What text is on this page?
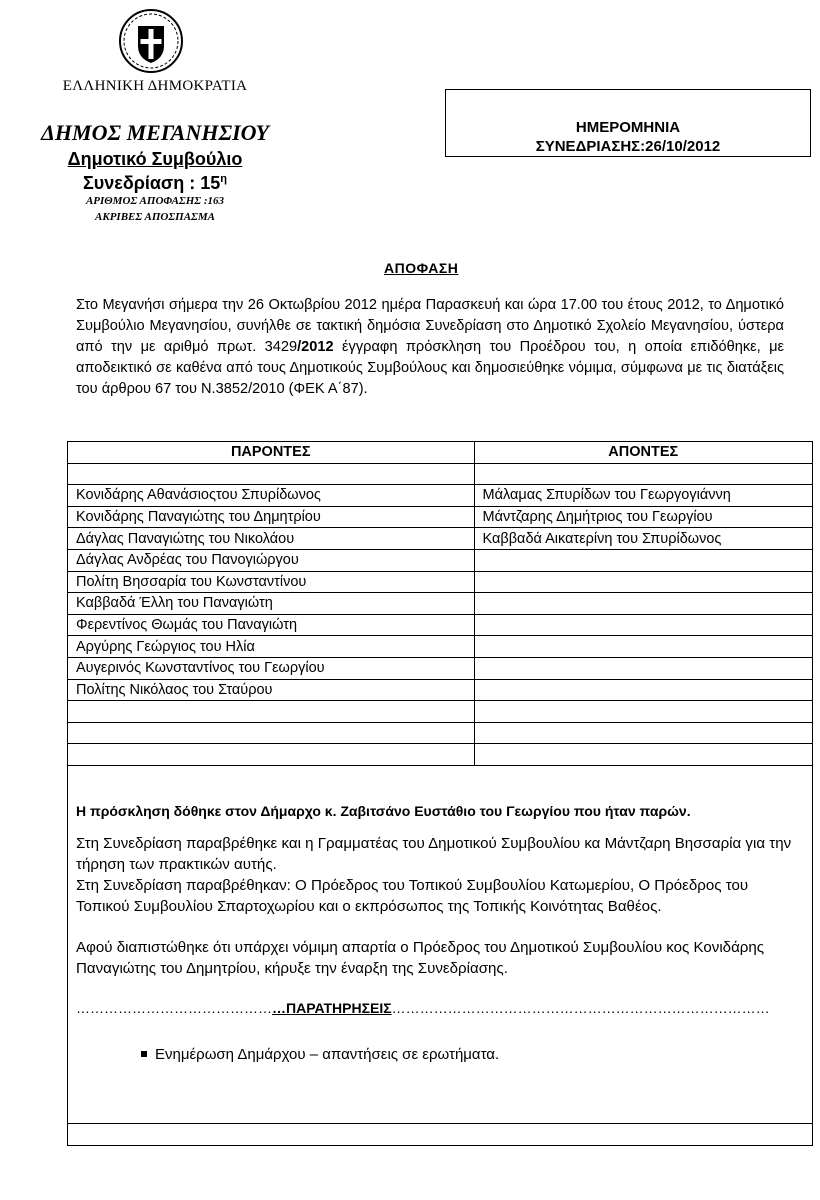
ΕΛΛΗΝΙΚΗ ΔΗΜΟΚΡΑΤΙΑ
ΔΗΜΟΣ ΜΕΓΑΝΗΣΙΟΥ
Δημοτικό Συμβούλιο
Συνεδρίαση : $15^\eta$
ΑΡΙΘΜΟΣ ΑΠΟΦΑΣΗΣ :163
ΑΚΡΙΒΕΣ ΑΠΟΣΠΑΣΜΑ
ΗΜΕΡΟΜΗΝΙΑ
ΣΥΝΕΔΡΙΑΣΗΣ:26/10/2012
ΑΠΟΦΑΣΗ
Στο Μεγανήσι σήμερα την 26 Οκτωβρίου 2012 ημέρα Παρασκευή και ώρα 17.00 του έτους 2012, το Δημοτικό Συμβούλιο Μεγανησίου, συνήλθε σε τακτική δημόσια Συνεδρίαση στο Δημοτικό Σχολείο Μεγανησίου, ύστερα από την με αριθμό πρωτ. 3429/2012 έγγραφη πρόσκληση του Προέδρου του, η οποία επιδόθηκε, με αποδεικτικό σε καθένα από τους Δημοτικούς Συμβούλους και δημοσιεύθηκε νόμιμα, σύμφωνα με τις διατάξεις του άρθρου 67 του Ν.3852/2010 (ΦΕΚ Α΄87).
ΠΑΡΟΝΤΕΣ	ΑΠΟΝΤΕΣ

Κονιδάρης Αθανάσιοςτου Σπυρίδωνος	Μάλαμας Σπυρίδων του Γεωργογιάννη
Κονιδάρης Παναγιώτης του Δημητρίου	Μάντζαρης Δημήτριος του Γεωργίου
Δάγλας Παναγιώτης του Νικολάου	Καββαδά Αικατερίνη του Σπυρίδωνος
Δάγλας Ανδρέας του Πανογιώργου	
Πολίτη Βησσαρία του Κωνσταντίνου	
Καββαδά Έλλη του Παναγιώτη	
Φερεντίνος Θωμάς του Παναγιώτη	
Αργύρης Γεώργιος του Ηλία	
Αυγερινός Κωνσταντίνος του Γεωργίου	
Πολίτης Νικόλαος του Σταύρου	

Η πρόσκληση δόθηκε στον Δήμαρχο κ. Ζαβιτσάνο Ευστάθιο του Γεωργίου που ήταν παρών.

Στη Συνεδρίαση παραβρέθηκε και η Γραμματέας του Δημοτικού Συμβουλίου κα Μάντζαρη Βησσαρία για την τήρηση των πρακτικών αυτής.

Στη Συνεδρίαση παραβρέθηκαν: Ο Πρόεδρος του Τοπικού Συμβουλίου Κατωμερίου, Ο Πρόεδρος του Τοπικού Συμβουλίου Σπαρτοχωρίου και ο εκπρόσωπος της Τοπικής Κοινότητας Βαθέος.

Αφού διαπιστώθηκε ότι υπάρχει νόμιμη απαρτία ο Πρόεδρος του Δημοτικού Συμβουλίου κος Κονιδάρης Παναγιώτης του Δημητρίου, κήρυξε την έναρξη της Συνεδρίασης.
………………………………………ΠΑΡΑΤΗΡΗΣΕΙΣ………………………………………………………………………
Ενημέρωση Δημάρχου – απαντήσεις σε ερωτήματα.
